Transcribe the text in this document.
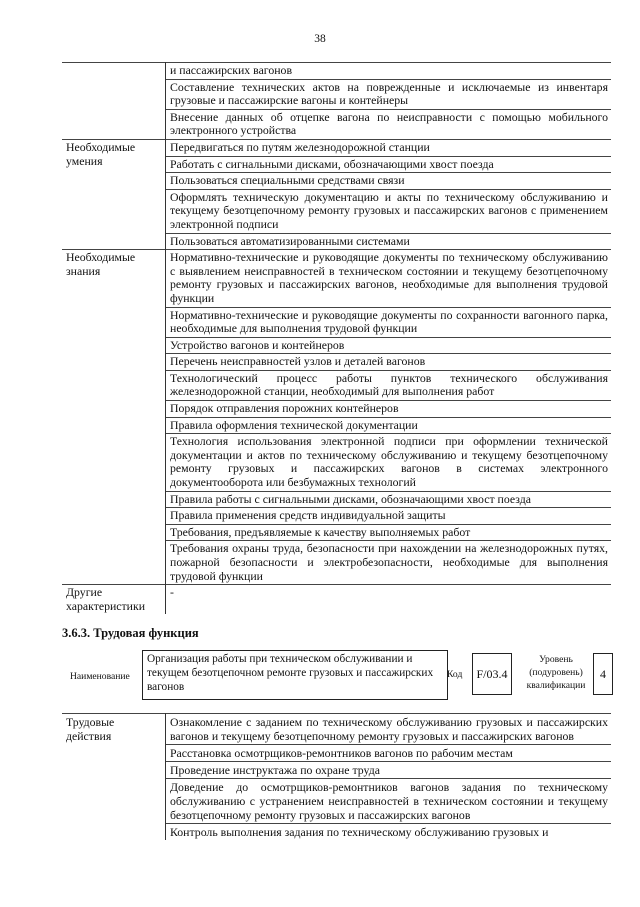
38
	и пассажирских вагонов
	Составление технических актов на поврежденные и исключаемые из инвентаря грузовые и пассажирские вагоны и контейнеры
	Внесение данных об отцепке вагона по неисправности с помощью мобильного электронного устройства
Необходимые умения	Передвигаться по путям железнодорожной станции
	Работать с сигнальными дисками, обозначающими хвост поезда
	Пользоваться специальными средствами связи
	Оформлять техническую документацию и акты по техническому обслуживанию и текущему безотцепочному ремонту грузовых и пассажирских вагонов с применением электронной подписи
	Пользоваться автоматизированными системами
Необходимые знания	Нормативно-технические и руководящие документы по техническому обслуживанию с выявлением неисправностей в техническом состоянии и текущему безотцепочному ремонту грузовых и пассажирских вагонов, необходимые для выполнения трудовой функции
	Нормативно-технические и руководящие документы по сохранности вагонного парка, необходимые для выполнения трудовой функции
	Устройство вагонов и контейнеров
	Перечень неисправностей узлов и деталей вагонов
	Технологический процесс работы пунктов технического обслуживания железнодорожной станции, необходимый для выполнения работ
	Порядок отправления порожних контейнеров
	Правила оформления технической документации
	Технология использования электронной подписи при оформлении технической документации и актов по техническому обслуживанию и текущему безотцепочному ремонту грузовых и пассажирских вагонов в системах электронного документооборота или безбумажных технологий
	Правила работы с сигнальными дисками, обозначающими хвост поезда
	Правила применения средств индивидуальной защиты
	Требования, предъявляемые к качеству выполняемых работ
	Требования охраны труда, безопасности при нахождении на железнодорожных путях, пожарной безопасности и электробезопасности, необходимые для выполнения трудовой функции
Другие характеристики	-
3.6.3. Трудовая функция
Наименование
Организация работы при техническом обслуживании и текущем безотцепочном ремонте грузовых и пассажирских вагонов
Код	F/03.4
Уровень (подуровень) квалификации
4
Трудовые действия	Ознакомление с заданием по техническому обслуживанию грузовых и пассажирских вагонов и текущему безотцепочному ремонту грузовых и пассажирских вагонов
Расстановка осмотрщиков-ремонтников вагонов по рабочим местам
Проведение инструктажа по охране труда
Доведение до осмотрщиков-ремонтников вагонов задания по техническому обслуживанию с устранением неисправностей в техническом состоянии и текущему безотцепочному ремонту грузовых и пассажирских вагонов
Контроль выполнения задания по техническому обслуживанию грузовых и
